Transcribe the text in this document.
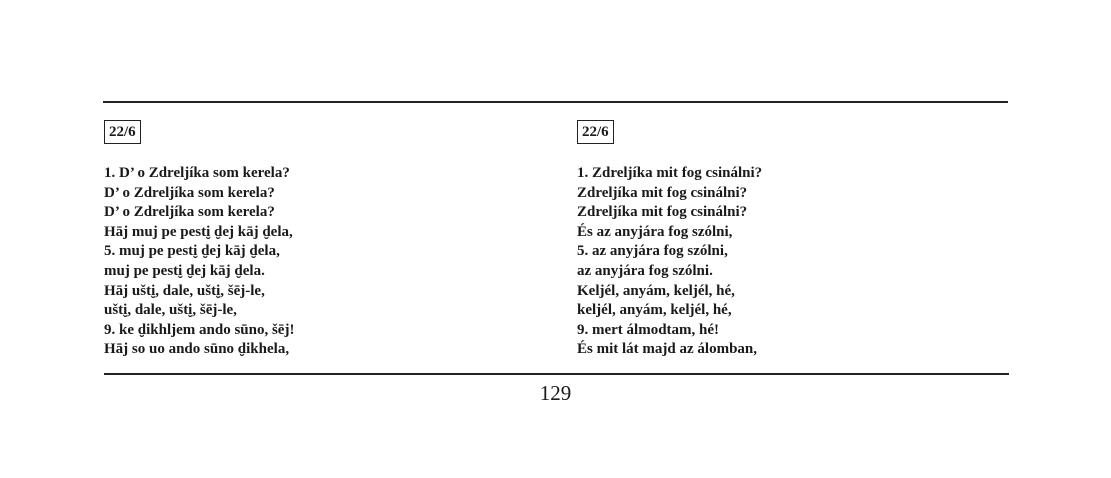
22/6
1. D’ o Zdreljíka som kerela?
D’ o Zdreljíka som kerela?
D’ o Zdreljíka som kerela?
Hāj muj pe pesti̮ d̮ej kāj d̮ela,
5. muj pe pesti̮ d̮ej kāj d̮ela,
muj pe pesti̮ d̮ej kāj d̮ela.
Hāj ušti̮, dale, ušti̮, šēj-le,
ušti̮, dale, ušti̮, šēj-le,
9. ke d̮ikhljem ando sūno, šēj!
Hāj so uo ando sūno d̮ikhela,
22/6
1. Zdreljíka mit fog csinálni?
Zdreljíka mit fog csinálni?
Zdreljíka mit fog csinálni?
És az anyjára fog szólni,
5. az anyjára fog szólni,
az anyjára fog szólni.
Keljél, anyám, keljél, hé,
keljél, anyám, keljél, hé,
9. mert álmodtam, hé!
És mit lát majd az álomban,
129
